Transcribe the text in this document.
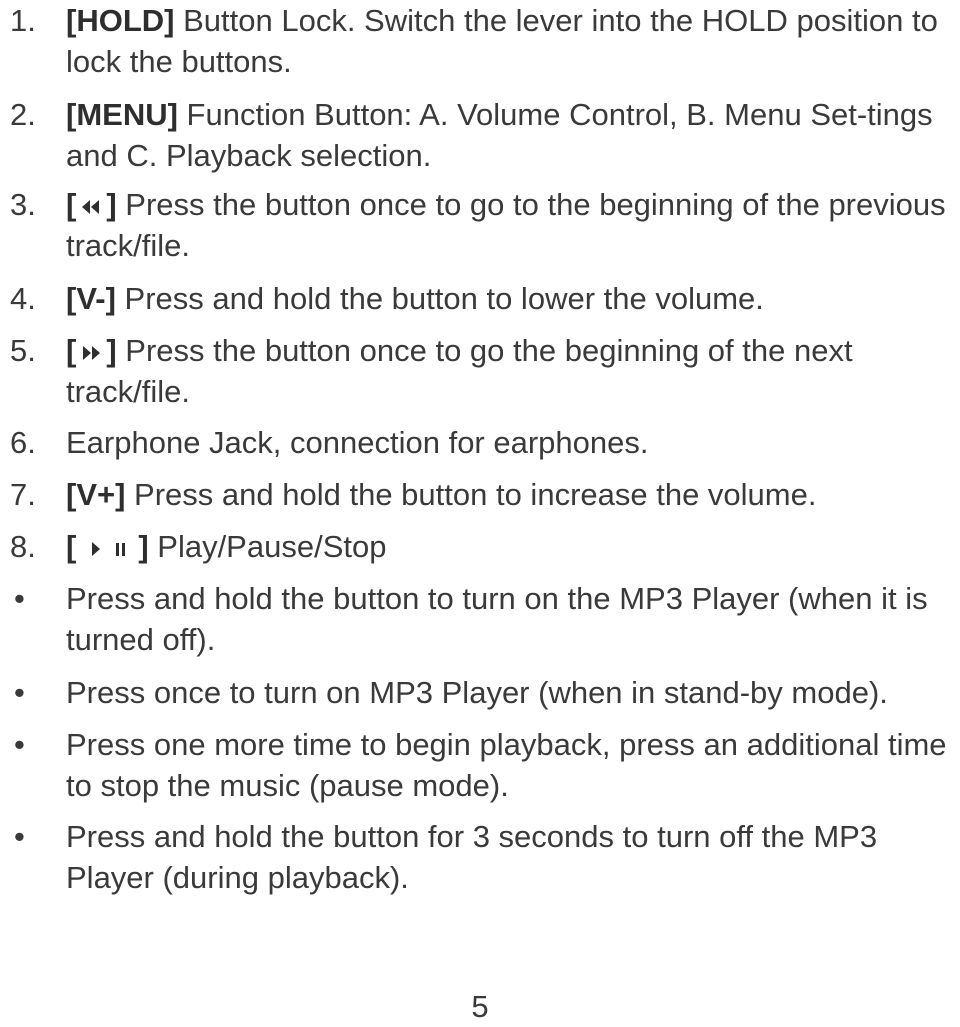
1. [HOLD] Button Lock. Switch the lever into the HOLD position to lock the buttons.
2. [MENU] Function Button: A. Volume Control, B. Menu Set-tings and C. Playback selection.
3. [ ] Press the button once to go to the beginning of the previous track/file.
4. [V-] Press and hold the button to lower the volume.
5. [ ] Press the button once to go the beginning of the next track/file.
6. Earphone Jack, connection for earphones.
7. [V+] Press and hold the button to increase the volume.
8. [ ] Play/Pause/Stop
• Press and hold the button to turn on the MP3 Player (when it is turned off).
• Press once to turn on MP3 Player (when in stand-by mode).
• Press one more time to begin playback, press an additional time to stop the music (pause mode).
• Press and hold the button for 3 seconds to turn off the MP3 Player (during playback).
5
